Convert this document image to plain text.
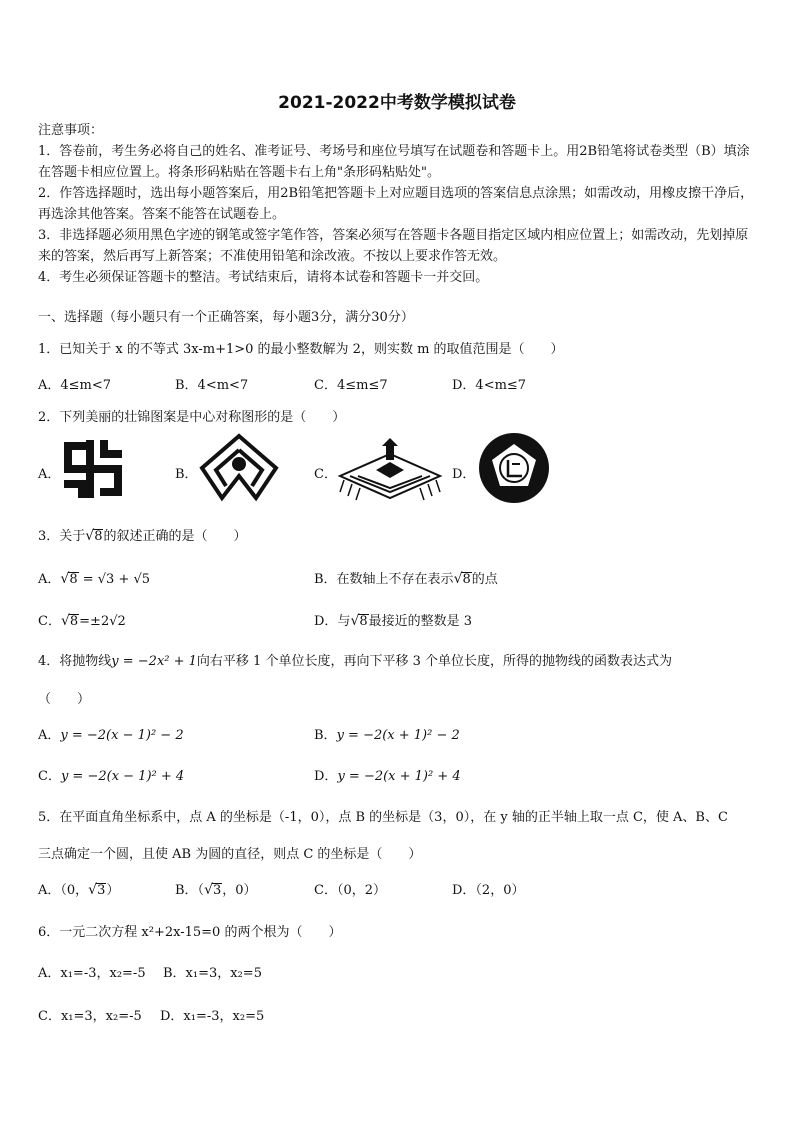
2021-2022中考数学模拟试卷
注意事项：
1．答卷前，考生务必将自己的姓名、准考证号、考场号和座位号填写在试题卷和答题卡上。用2B铅笔将试卷类型（B）填涂在答题卡相应位置上。将条形码粘贴在答题卡右上角"条形码粘贴处"。
2．作答选择题时，选出每小题答案后，用2B铅笔把答题卡上对应题目选项的答案信息点涂黑；如需改动，用橡皮擦干净后，再选涂其他答案。答案不能答在试题卷上。
3．非选择题必须用黑色字迹的钢笔或签字笔作答，答案必须写在答题卡各题目指定区域内相应位置上；如需改动，先划掉原来的答案，然后再写上新答案；不准使用铅笔和涂改液。不按以上要求作答无效。
4．考生必须保证答题卡的整洁。考试结束后，请将本试卷和答题卡一并交回。
一、选择题（每小题只有一个正确答案，每小题3分，满分30分）
1．已知关于 x 的不等式 3x-m+1>0 的最小整数解为 2，则实数 m 的取值范围是（　　）
A．4≤m<7	B．4<m<7	C．4≤m≤7	D．4<m≤7
2．下列美丽的壮锦图案是中心对称图形的是（　　）
A．	B．	C．	D．
3．关于√8的叙述正确的是（　　）
A．√8 = √3 + √5	B．在数轴上不存在表示√8的点
C．√8=±2√2	D．与√8最接近的整数是 3
4．将抛物线y = −2x² + 1向右平移 1 个单位长度，再向下平移 3 个单位长度，所得的抛物线的函数表达式为
（　　）
A．y = −2(x − 1)² − 2	B．y = −2(x + 1)² − 2
C．y = −2(x − 1)² + 4	D．y = −2(x + 1)² + 4
5．在平面直角坐标系中，点 A 的坐标是（-1，0），点 B 的坐标是（3，0），在 y 轴的正半轴上取一点 C，使 A、B、C
三点确定一个圆，且使 AB 为圆的直径，则点 C 的坐标是（　　）
A．（0，√3）	B．（√3，0）	C．（0，2）	D．（2，0）
6．一元二次方程 x²+2x-15=0 的两个根为（　　）
A．x₁=-3，x₂=-5 B．x₁=3，x₂=5
C．x₁=3，x₂=-5 D．x₁=-3，x₂=5
